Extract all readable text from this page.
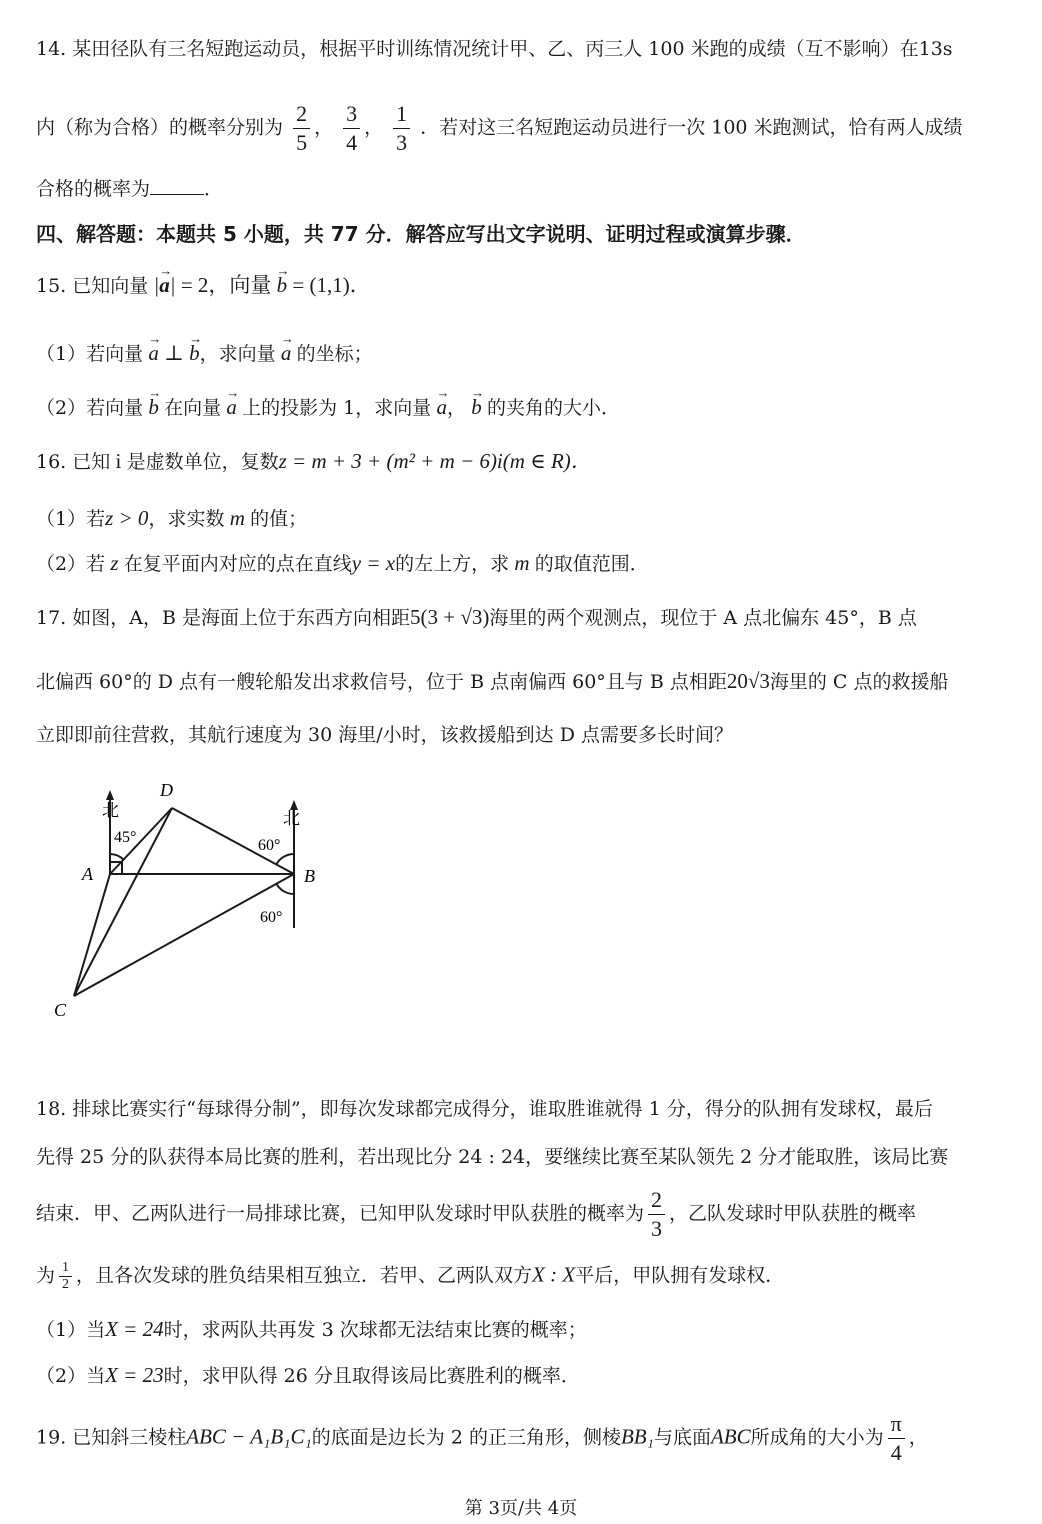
14. 某田径队有三名短跑运动员，根据平时训练情况统计甲、乙、丙三人 100 米跑的成绩（互不影响）在13s
内（称为合格）的概率分别为 $\frac{2}{5}$ ， $\frac{3}{4}$ ， $\frac{1}{3}$ ．若对这三名短跑运动员进行一次 100 米跑测试，恰有两人成绩
合格的概率为	．
四、解答题：本题共 5 小题，共 77 分．解答应写出文字说明、证明过程或演算步骤．
15. 已知向量 |→ a| = 2，向量 → b = (1,1)．
（1）若向量 → a ⊥ → b，求向量 → a 的坐标；
（2）若向量 → b 在向量 → a 上的投影为 1，求向量 → a， → b 的夹角的大小．
16. 已知 i 是虚数单位，复数z = m + 3 + (m² + m − 6)i(m ∈ R)．
（1）若z > 0，求实数 m 的值；
（2）若 z 在复平面内对应的点在直线y = x的左上方，求 m 的取值范围．
17. 如图，A，B 是海面上位于东西方向相距5(3 + √3)海里的两个观测点，现位于 A 点北偏东 45°，B 点
北偏西 60°的 D 点有一艘轮船发出求救信号，位于 B 点南偏西 60°且与 B 点相距20√3海里的 C 点的救援船
立即即前往营救，其航行速度为 30 海里/小时，该救援船到达 D 点需要多长时间？
北	北
45°	60°
60°
A	B
C
D
18. 排球比赛实行“每球得分制”，即每次发球都完成得分，谁取胜谁就得 1 分，得分的队拥有发球权，最后
先得 25 分的队获得本局比赛的胜利，若出现比分 24 : 24，要继续比赛至某队领先 2 分才能取胜，该局比赛
结束．甲、乙两队进行一局排球比赛，已知甲队发球时甲队获胜的概率为 $\frac{2}{3}$ ，乙队发球时甲队获胜的概率
为 $\frac{1}{2}$ ，且各次发球的胜负结果相互独立．若甲、乙两队双方X : X平后，甲队拥有发球权．
（1）当X = 24时，求两队共再发 3 次球都无法结束比赛的概率；
（2）当X = 23时，求甲队得 26 分且取得该局比赛胜利的概率．
19. 已知斜三棱柱ABC − A₁B₁C₁的底面是边长为 2 的正三角形，侧棱BB₁与底面ABC所成角的大小为 $\frac{\pi}{4}$ ，
第 3页/共 4页
